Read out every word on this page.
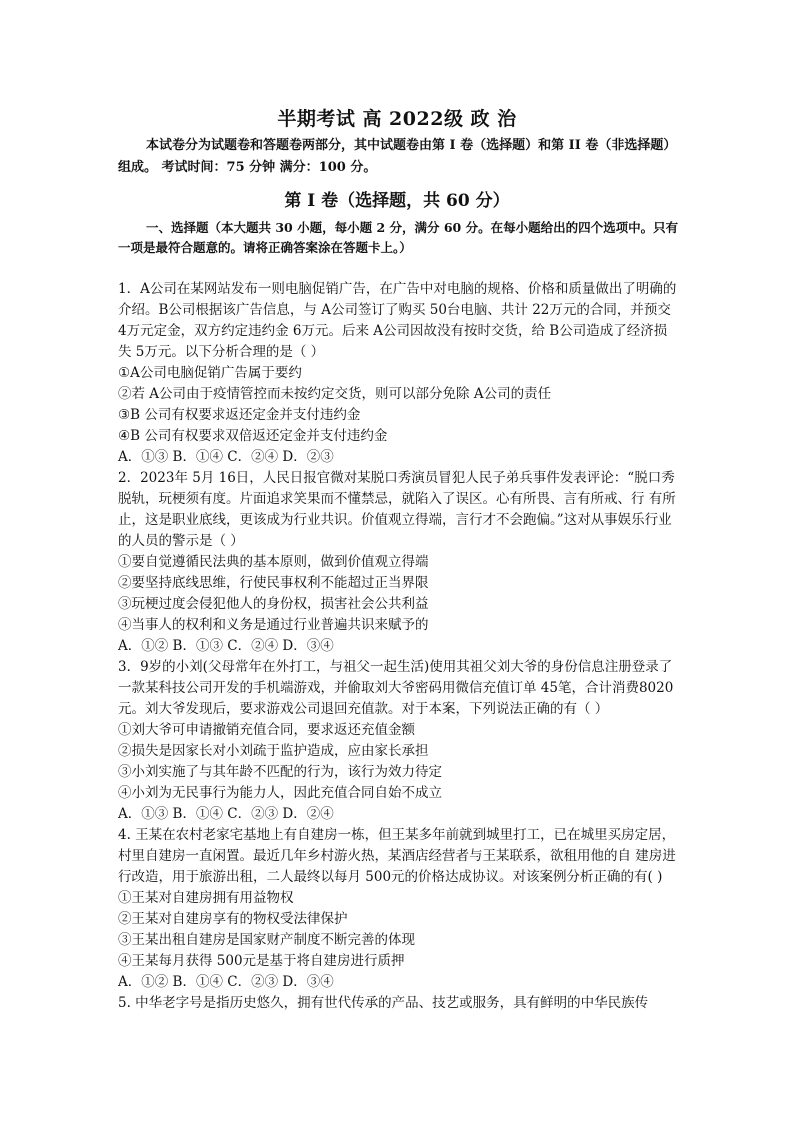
半期考试 高 2022级 政 治
本试卷分为试题卷和答题卷两部分，其中试题卷由第 I 卷（选择题）和第 II 卷（非选择题）组成。 考试时间：75 分钟 满分：100 分。
第 I 卷（选择题，共 60 分）
一、选择题（本大题共 30 小题，每小题 2 分，满分 60 分。在每小题给出的四个选项中。只有一项是最符合题意的。请将正确答案涂在答题卡上。）

1．A公司在某网站发布一则电脑促销广告，在广告中对电脑的规格、价格和质量做出了明确的介绍。B公司根据该广告信息，与 A公司签订了购买 50台电脑、共计 22万元的合同，并预交 4万元定金，双方约定违约金 6万元。后来 A公司因故没有按时交货，给 B公司造成了经济损失 5万元。以下分析合理的是（ ）

①A公司电脑促销广告属于要约

②若 A公司由于疫情管控而未按约定交货，则可以部分免除 A公司的责任

③B 公司有权要求返还定金并支付违约金

④B 公司有权要求双倍返还定金并支付违约金

A．①③ B．①④ C．②④ D．②③

2．2023年 5月 16日，人民日报官微对某脱口秀演员冒犯人民子弟兵事件发表评论：“脱口秀脱轨，玩梗须有度。片面追求笑果而不懂禁忌，就陷入了误区。心有所畏、言有所戒、行 有所止，这是职业底线，更该成为行业共识。价值观立得端，言行才不会跑偏。”这对从事娱乐行业的人员的警示是（ ）

①要自觉遵循民法典的基本原则，做到价值观立得端

②要坚持底线思维，行使民事权利不能超过正当界限

③玩梗过度会侵犯他人的身份权，损害社会公共利益

④当事人的权利和义务是通过行业普遍共识来赋予的

A．①② B．①③ C．②④ D．③④

3．9岁的小刘(父母常年在外打工，与祖父一起生活)使用其祖父刘大爷的身份信息注册登录了一款某科技公司开发的手机端游戏，并偷取刘大爷密码用微信充值订单 45笔，合计消费8020元。刘大爷发现后，要求游戏公司退回充值款。对于本案，下列说法正确的有（ ）

①刘大爷可申请撤销充值合同，要求返还充值金额

②损失是因家长对小刘疏于监护造成，应由家长承担

③小刘实施了与其年龄不匹配的行为，该行为效力待定

④小刘为无民事行为能力人，因此充值合同自始不成立

A．①③ B．①④ C．②③ D．②④

4. 王某在农村老家宅基地上有自建房一栋，但王某多年前就到城里打工，已在城里买房定居，村里自建房一直闲置。最近几年乡村游火热，某酒店经营者与王某联系，欲租用他的自 建房进行改造，用于旅游出租，二人最终以每月 500元的价格达成协议。对该案例分析正确的有( )

①王某对自建房拥有用益物权

②王某对自建房享有的物权受法律保护

③王某出租自建房是国家财产制度不断完善的体现

④王某每月获得 500元是基于将自建房进行质押

A．①② B．①④ C．②③ D．③④

5. 中华老字号是指历史悠久，拥有世代传承的产品、技艺或服务，具有鲜明的中华民族传
